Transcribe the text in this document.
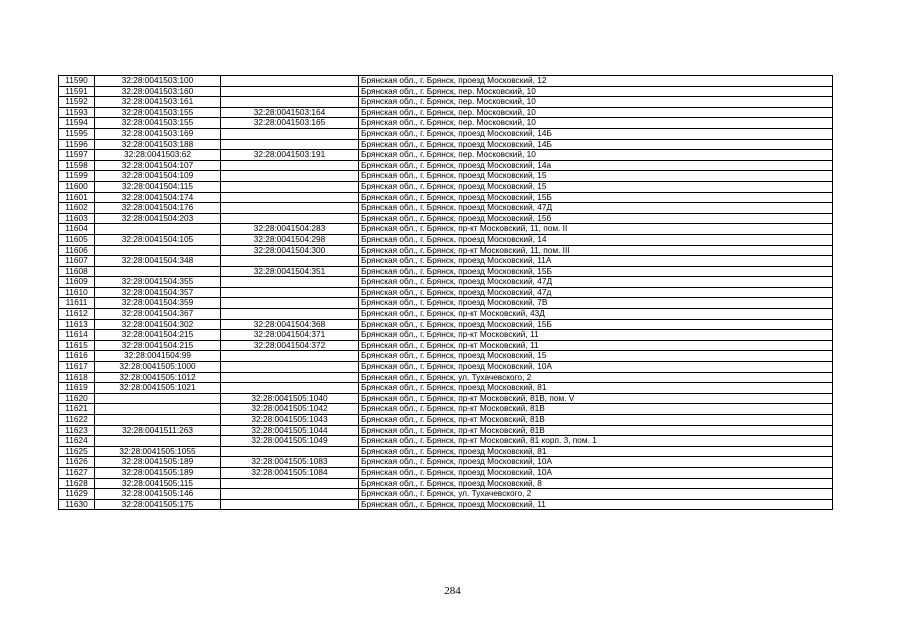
11590	32:28:0041503:100		Брянская обл., г. Брянск, проезд Московский, 12
11591	32:28:0041503:160		Брянская обл., г. Брянск, пер. Московский, 10
11592	32:28:0041503:161		Брянская обл., г. Брянск, пер. Московский, 10
11593	32:28:0041503:155	32:28:0041503:164	Брянская обл., г. Брянск, пер. Московский, 10
11594	32:28:0041503:155	32:28:0041503:165	Брянская обл., г. Брянск, пер. Московский, 10
11595	32:28:0041503:169		Брянская обл., г. Брянск, проезд Московский, 14Б
11596	32:28:0041503:188		Брянская обл., г. Брянск, проезд Московский, 14Б
11597	32:28:0041503:62	32:28:0041503:191	Брянская обл., г. Брянск, пер. Московский, 10
11598	32:28:0041504:107		Брянская обл., г. Брянск, проезд Московский, 14а
11599	32:28:0041504:109		Брянская обл., г. Брянск, проезд Московский, 15
11600	32:28:0041504:115		Брянская обл., г. Брянск, проезд Московский, 15
11601	32:28:0041504:174		Брянская обл., г. Брянск, проезд Московский, 15Б
11602	32:28:0041504:176		Брянская обл., г. Брянск, проезд Московский, 47Д
11603	32:28:0041504:203		Брянская обл., г. Брянск, проезд Московский, 15б
11604		32:28:0041504:283	Брянская обл., г. Брянск, пр-кт Московский, 11, пом. II
11605	32:28:0041504:105	32:28:0041504:298	Брянская обл., г. Брянск, проезд Московский, 14
11606		32:28:0041504:300	Брянская обл., г. Брянск, пр-кт Московский, 11, пом. III
11607	32:28:0041504:348		Брянская обл., г. Брянск, проезд Московский, 11А
11608		32:28:0041504:351	Брянская обл., г. Брянск, проезд Московский, 15Б
11609	32:28:0041504:355		Брянская обл., г. Брянск, проезд Московский, 47Д
11610	32:28:0041504:357		Брянская обл., г. Брянск, проезд Московский, 47д
11611	32:28:0041504:359		Брянская обл., г. Брянск, проезд Московский, 7В
11612	32:28:0041504:367		Брянская обл., г. Брянск, пр-кт Московский, 43Д
11613	32:28:0041504:302	32:28:0041504:368	Брянская обл., г. Брянск, проезд Московский, 15Б
11614	32:28:0041504:215	32:28:0041504:371	Брянская обл., г. Брянск, пр-кт Московский, 11
11615	32:28:0041504:215	32:28:0041504:372	Брянская обл., г. Брянск, пр-кт Московский, 11
11616	32:28:0041504:99		Брянская обл., г. Брянск, проезд Московский, 15
11617	32:28:0041505:1000		Брянская обл., г. Брянск, проезд Московский, 10А
11618	32:28:0041505:1012		Брянская обл., г. Брянск, ул. Тухачевского, 2
11619	32:28:0041505:1021		Брянская обл., г. Брянск, проезд Московский, 81
11620		32:28:0041505:1040	Брянская обл., г. Брянск, пр-кт Московский, 81В, пом. V
11621		32:28:0041505:1042	Брянская обл., г. Брянск, пр-кт Московский, 81В
11622		32:28:0041505:1043	Брянская обл., г. Брянск, пр-кт Московский, 81В
11623	32:28:0041511:263	32:28:0041505:1044	Брянская обл., г. Брянск, пр-кт Московский, 81В
11624		32:28:0041505:1049	Брянская обл., г. Брянск, пр-кт Московский, 81 корп. 3, пом. 1
11625	32:28:0041505:1055		Брянская обл., г. Брянск, проезд Московский, 81
11626	32:28:0041505:189	32:28:0041505:1083	Брянская обл., г. Брянск, проезд Московский, 10А
11627	32:28:0041505:189	32:28:0041505:1084	Брянская обл., г. Брянск, проезд Московский, 10А
11628	32:28:0041505:115		Брянская обл., г. Брянск, проезд Московский, 8
11629	32:28:0041505:146		Брянская обл., г. Брянск, ул. Тухачевского, 2
11630	32:28:0041505:175		Брянская обл., г. Брянск, проезд Московский, 11
284
